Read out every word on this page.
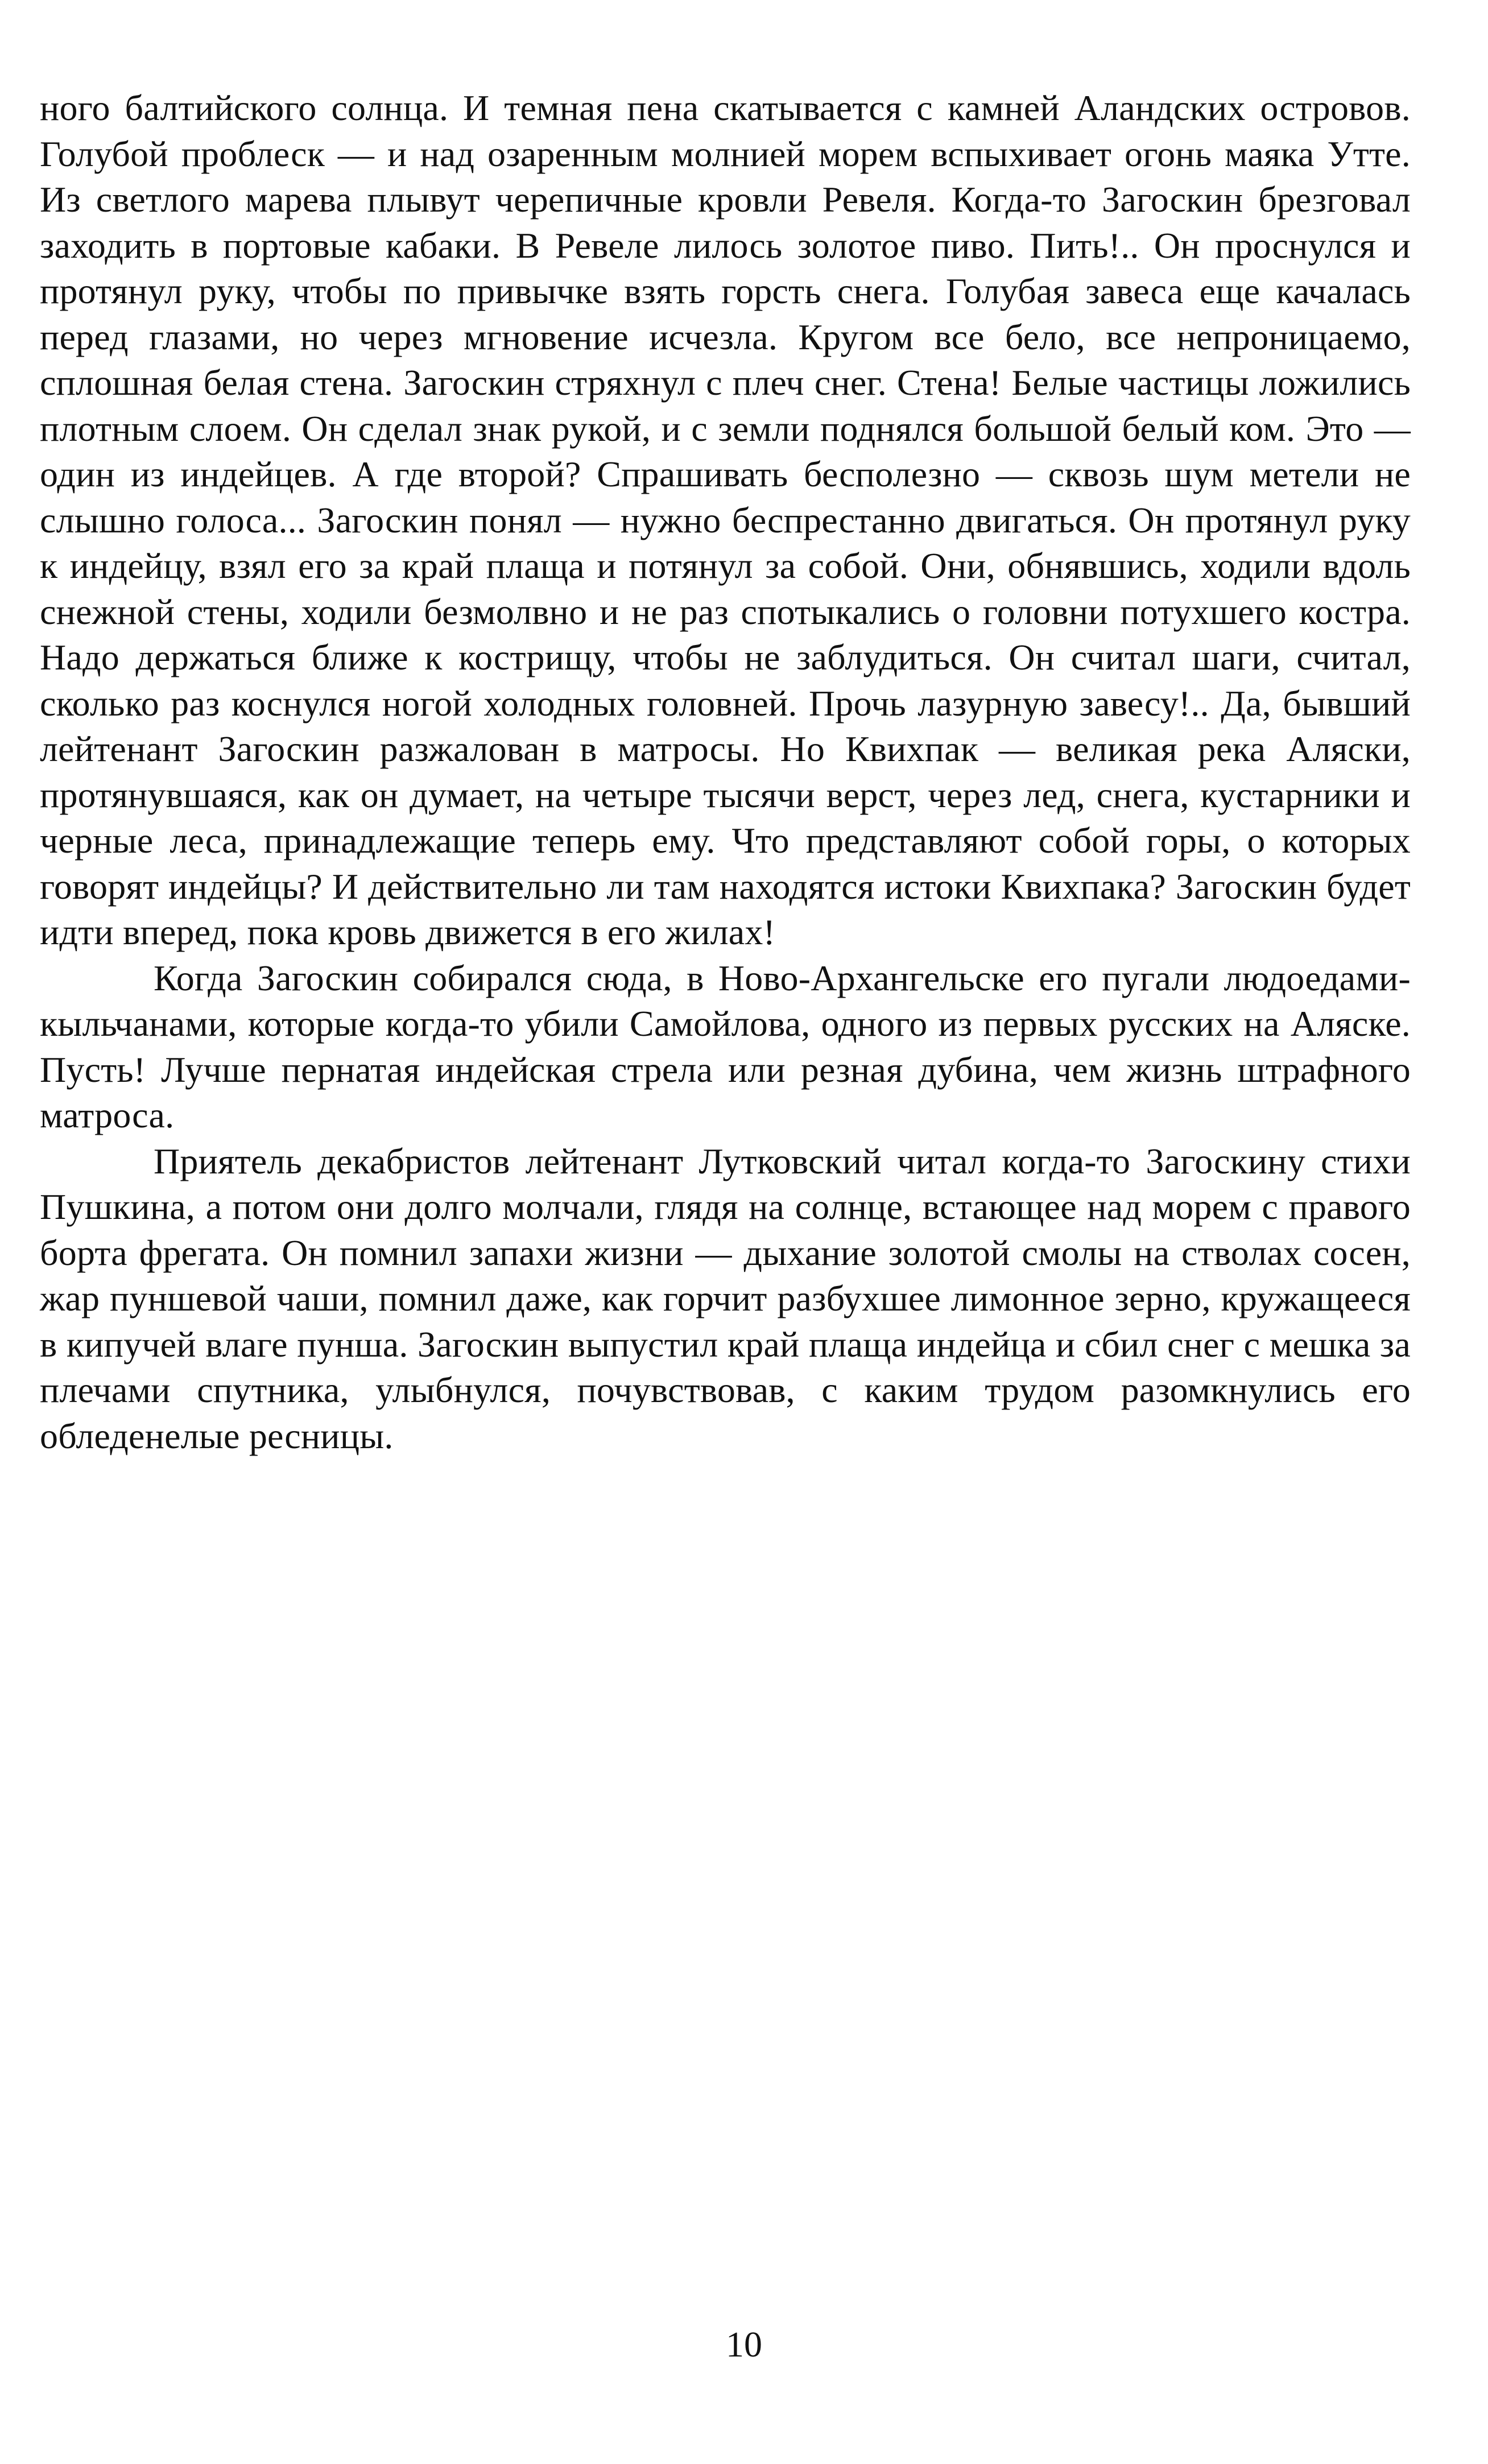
ного балтийского солнца. И темная пена скатывается с камней Аландских островов. Голубой проблеск — и над озаренным молнией морем вспыхивает огонь маяка Утте. Из светлого марева плывут черепичные кровли Ревеля. Когда-то Загоскин брезговал заходить в портовые кабаки. В Ревеле лилось золотое пиво. Пить!.. Он проснулся и протянул руку, чтобы по привычке взять горсть снега. Голубая завеса еще качалась перед глазами, но через мгновение исчезла. Кругом все бело, все непроницаемо, сплошная белая стена. Загоскин стряхнул с плеч снег. Стена! Белые частицы ложились плотным слоем. Он сделал знак рукой, и с земли поднялся большой белый ком. Это — один из индейцев. А где второй? Спрашивать бесполезно — сквозь шум метели не слышно голоса... Загоскин понял — нужно беспрестанно двигаться. Он протянул руку к индейцу, взял его за край плаща и потянул за собой. Они, обнявшись, ходили вдоль снежной стены, ходили безмолвно и не раз спотыкались о головни потухшего костра. Надо держаться ближе к кострищу, чтобы не заблудиться. Он считал шаги, считал, сколько раз коснулся ногой холодных головней. Прочь лазурную завесу!.. Да, бывший лейтенант Загоскин разжалован в матросы. Но Квихпак — великая река Аляски, протянувшаяся, как он думает, на четыре тысячи верст, через лед, снега, кустарники и черные леса, принадлежащие теперь ему. Что представляют собой горы, о которых говорят индейцы? И действительно ли там находятся истоки Квихпака? Загоскин будет идти вперед, пока кровь движется в его жилах!

Когда Загоскин собирался сюда, в Ново-Архангельске его пугали людоедами-кыльчанами, которые когда-то убили Самойлова, одного из первых русских на Аляске. Пусть! Лучше пернатая индейская стрела или резная дубина, чем жизнь штрафного матроса.

Приятель декабристов лейтенант Лутковский читал когда-то Загоскину стихи Пушкина, а потом они долго молчали, глядя на солнце, встающее над морем с правого борта фрегата. Он помнил запахи жизни — дыхание золотой смолы на стволах сосен, жар пуншевой чаши, помнил даже, как горчит разбухшее лимонное зерно, кружащееся в кипучей влаге пунша. Загоскин выпустил край плаща индейца и сбил снег с мешка за плечами спутника, улыбнулся, почувствовав, с каким трудом разомкнулись его обледенелые ресницы.

10
